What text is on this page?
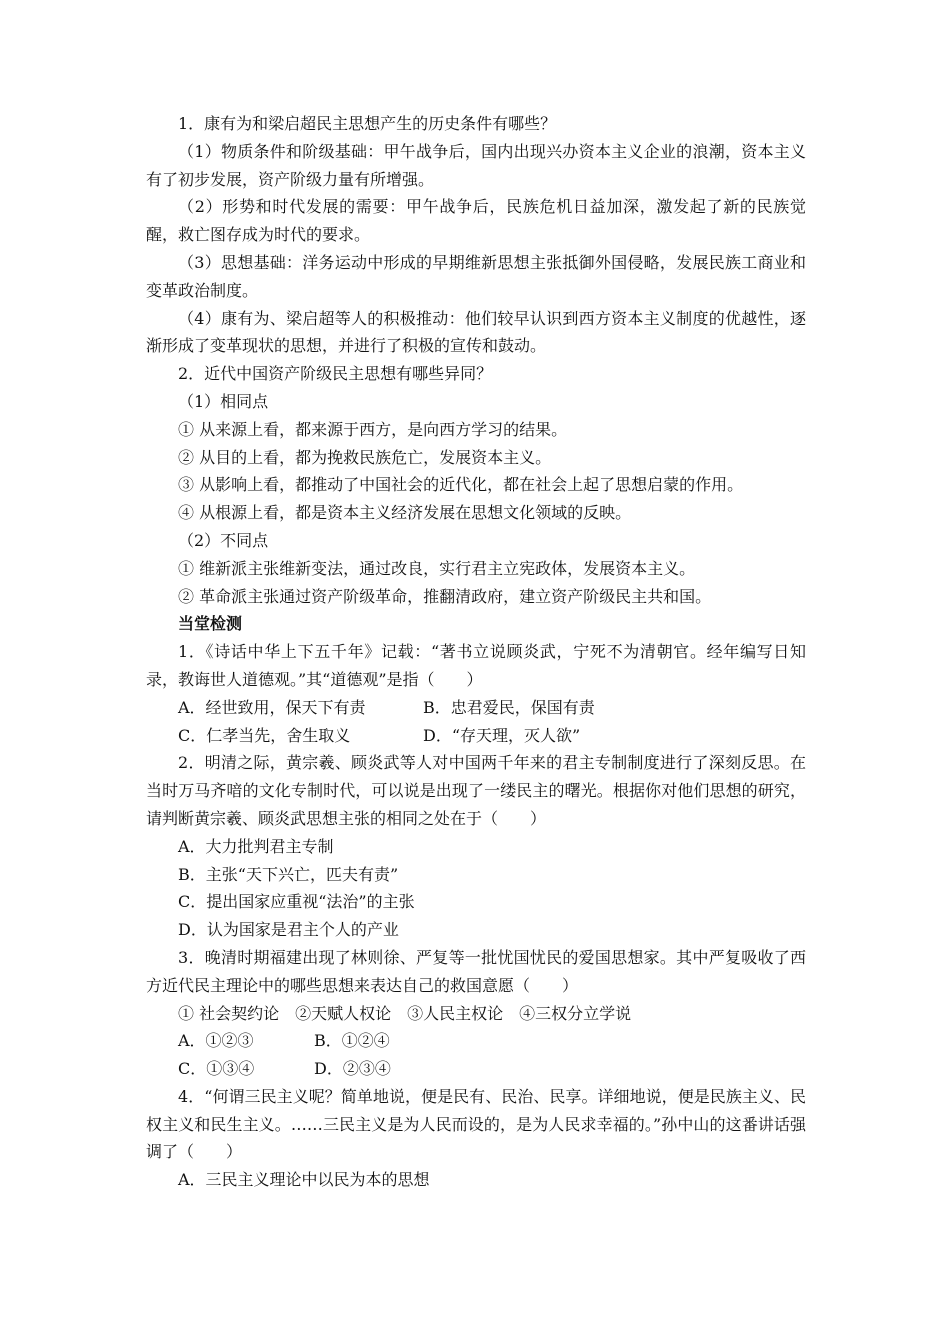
1．康有为和梁启超民主思想产生的历史条件有哪些？

（1）物质条件和阶级基础：甲午战争后，国内出现兴办资本主义企业的浪潮，资本主义有了初步发展，资产阶级力量有所增强。

（2）形势和时代发展的需要：甲午战争后，民族危机日益加深，激发起了新的民族觉醒，救亡图存成为时代的要求。

（3）思想基础：洋务运动中形成的早期维新思想主张抵御外国侵略，发展民族工商业和变革政治制度。

（4）康有为、梁启超等人的积极推动：他们较早认识到西方资本主义制度的优越性，逐渐形成了变革现状的思想，并进行了积极的宣传和鼓动。

2．近代中国资产阶级民主思想有哪些异同？

（1）相同点

① 从来源上看，都来源于西方，是向西方学习的结果。

② 从目的上看，都为挽救民族危亡，发展资本主义。

③ 从影响上看，都推动了中国社会的近代化，都在社会上起了思想启蒙的作用。

④ 从根源上看，都是资本主义经济发展在思想文化领域的反映。

（2）不同点

① 维新派主张维新变法，通过改良，实行君主立宪政体，发展资本主义。

② 革命派主张通过资产阶级革命，推翻清政府，建立资产阶级民主共和国。

当堂检测

1．《诗话中华上下五千年》记载：“著书立说顾炎武，宁死不为清朝官。经年编写日知录，教诲世人道德观。”其“道德观”是指（　　）

A．经世致用，保天下有责	B．忠君爱民，保国有责
C．仁孝当先，舍生取义	D．“存天理，灭人欲”

2．明清之际，黄宗羲、顾炎武等人对中国两千年来的君主专制制度进行了深刻反思。在当时万马齐喑的文化专制时代，可以说是出现了一缕民主的曙光。根据你对他们思想的研究，请判断黄宗羲、顾炎武思想主张的相同之处在于（　　）

A．大力批判君主专制
B．主张“天下兴亡，匹夫有责”
C．提出国家应重视“法治”的主张
D．认为国家是君主个人的产业

3．晚清时期福建出现了林则徐、严复等一批忧国忧民的爱国思想家。其中严复吸收了西方近代民主理论中的哪些思想来表达自己的救国意愿（　　）

① 社会契约论　②天赋人权论　③人民主权论　④三权分立学说

A．①②③	B．①②④
C．①③④	D．②③④

4．“何谓三民主义呢？简单地说，便是民有、民治、民享。详细地说，便是民族主义、民权主义和民生主义。……三民主义是为人民而设的，是为人民求幸福的。”孙中山的这番讲话强调了（　　）

A．三民主义理论中以民为本的思想
